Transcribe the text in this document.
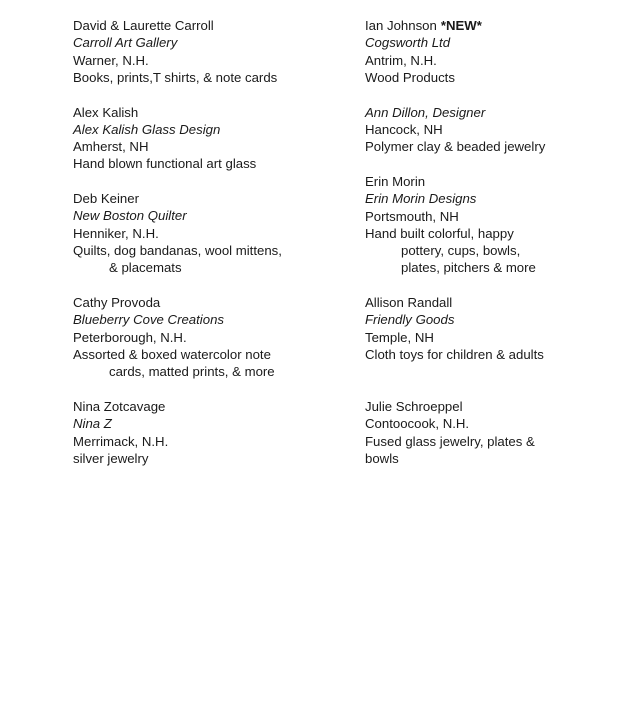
David & Laurette Carroll
Carroll Art Gallery
Warner, N.H.
Books, prints,T shirts, & note cards
Alex Kalish
Alex Kalish Glass Design
Amherst, NH
Hand blown functional art glass
Deb Keiner
New Boston Quilter
Henniker, N.H.
Quilts, dog bandanas, wool mittens,
& placemats
Cathy Provoda
Blueberry Cove Creations
Peterborough, N.H.
Assorted & boxed watercolor note
cards, matted prints, & more
Nina Zotcavage
Nina Z
Merrimack, N.H.
silver jewelry
Ian Johnson *NEW*
Cogsworth Ltd
Antrim, N.H.
Wood Products
Ann Dillon, Designer
Hancock, NH
Polymer clay & beaded jewelry
Erin Morin
Erin Morin Designs
Portsmouth, NH
Hand built colorful, happy
pottery, cups, bowls,
plates, pitchers & more
Allison Randall
Friendly Goods
Temple, NH
Cloth toys for children & adults
Julie Schroeppel
Contoocook, N.H.
Fused glass jewelry, plates &
bowls
